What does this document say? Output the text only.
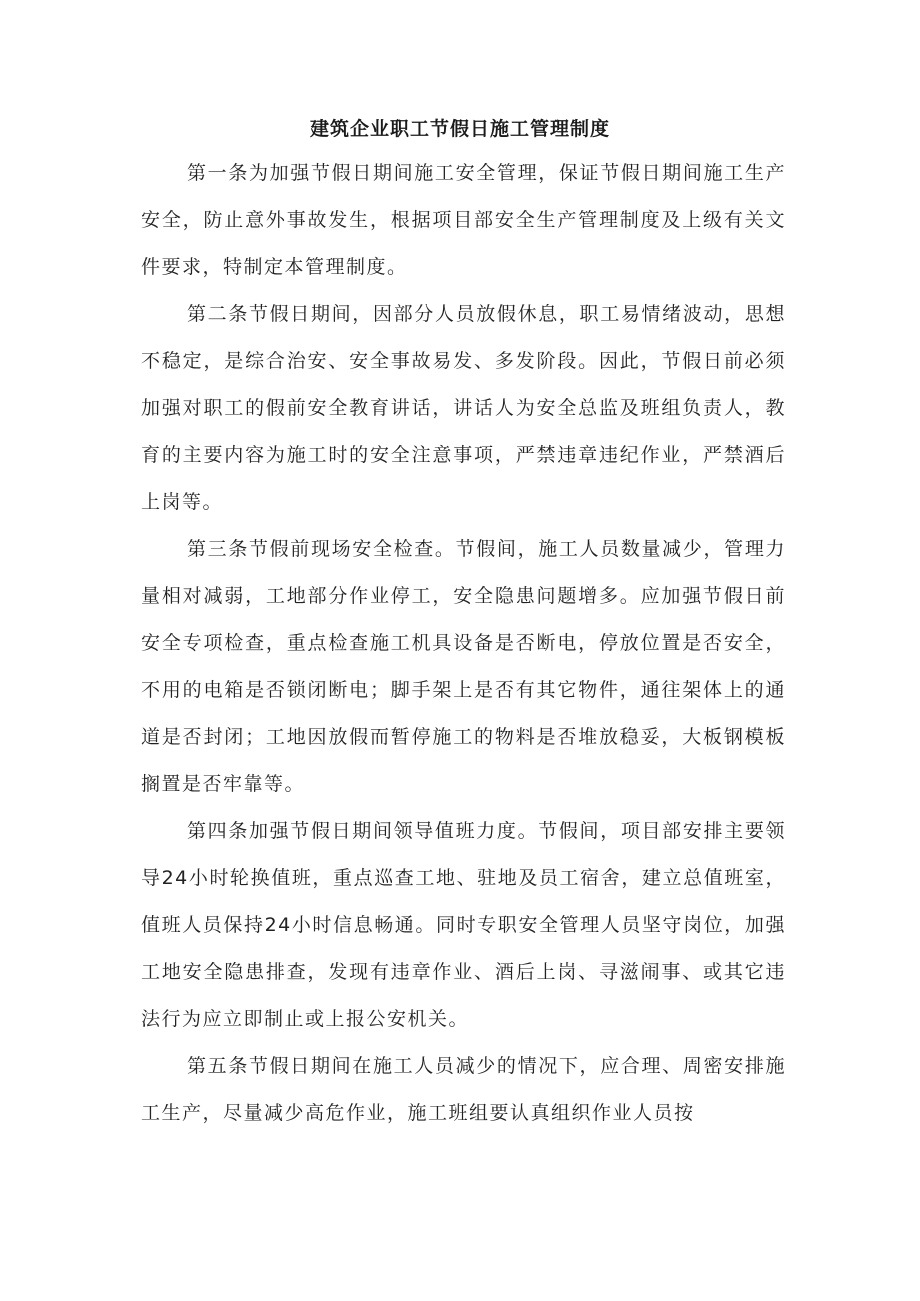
建筑企业职工节假日施工管理制度

第一条为加强节假日期间施工安全管理，保证节假日期间施工生产安全，防止意外事故发生，根据项目部安全生产管理制度及上级有关文件要求，特制定本管理制度。

第二条节假日期间，因部分人员放假休息，职工易情绪波动，思想不稳定，是综合治安、安全事故易发、多发阶段。因此，节假日前必须加强对职工的假前安全教育讲话，讲话人为安全总监及班组负责人，教育的主要内容为施工时的安全注意事项，严禁违章违纪作业，严禁酒后上岗等。

第三条节假前现场安全检查。节假间，施工人员数量减少，管理力量相对减弱，工地部分作业停工，安全隐患问题增多。应加强节假日前安全专项检查，重点检查施工机具设备是否断电，停放位置是否安全，不用的电箱是否锁闭断电；脚手架上是否有其它物件，通往架体上的通道是否封闭；工地因放假而暂停施工的物料是否堆放稳妥，大板钢模板搁置是否牢靠等。

第四条加强节假日期间领导值班力度。节假间，项目部安排主要领导24小时轮换值班，重点巡查工地、驻地及员工宿舍，建立总值班室，值班人员保持24小时信息畅通。同时专职安全管理人员坚守岗位，加强工地安全隐患排查，发现有违章作业、酒后上岗、寻滋闹事、或其它违法行为应立即制止或上报公安机关。

第五条节假日期间在施工人员减少的情况下，应合理、周密安排施工生产，尽量减少高危作业，施工班组要认真组织作业人员按
